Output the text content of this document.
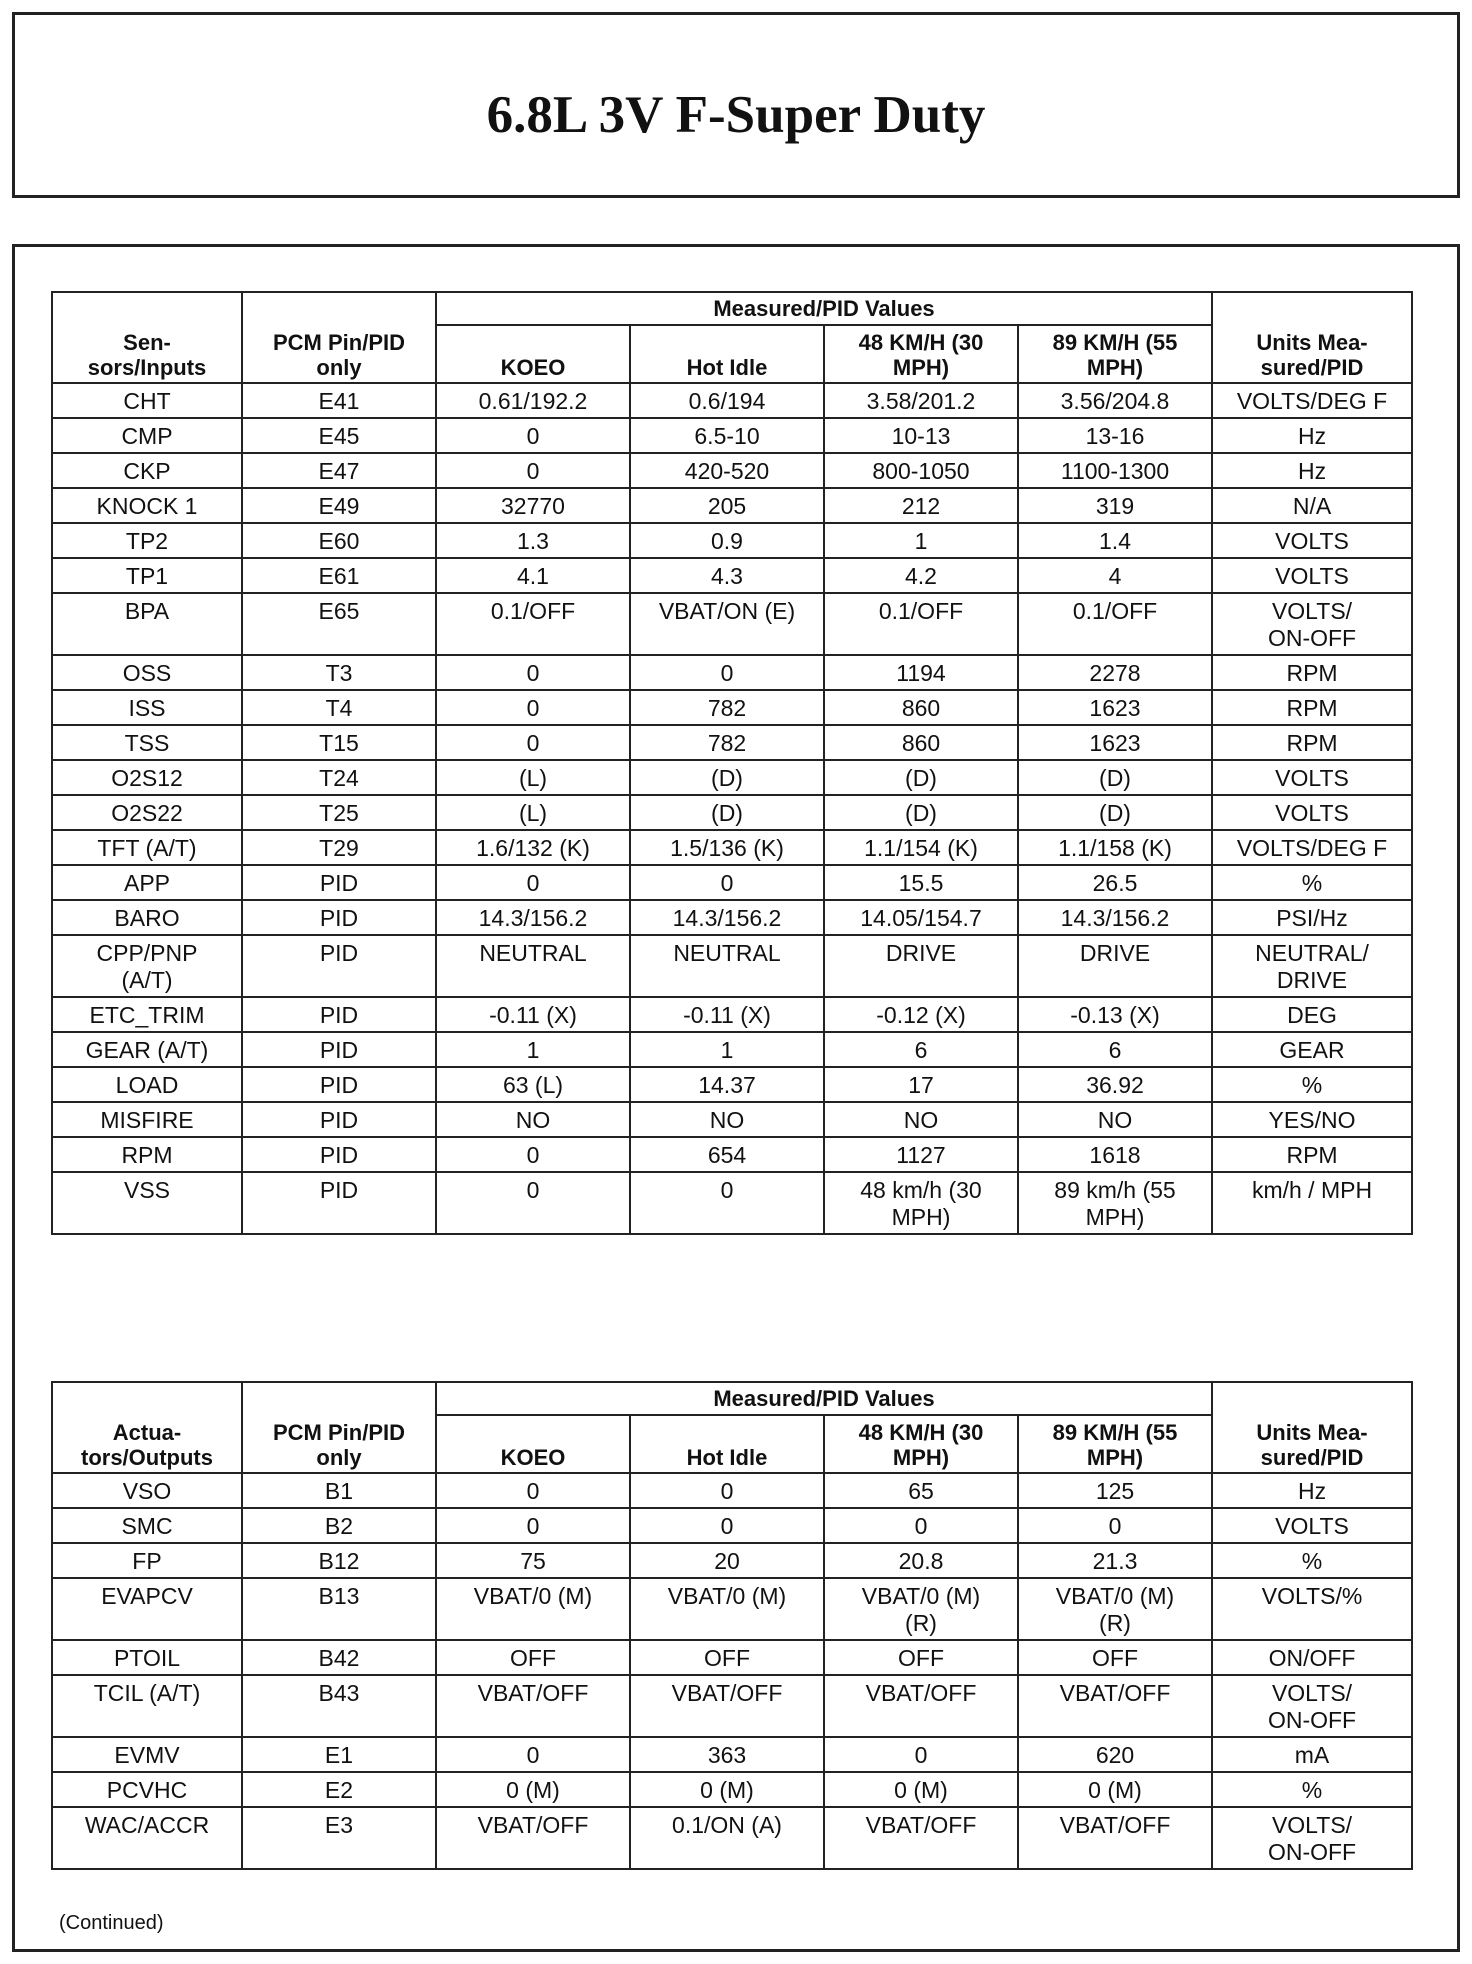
6.8L 3V F-Super Duty
Sen-
sors/Inputs	PCM Pin/PID
only	Measured/PID Values				Units Mea-
sured/PID
		KOEO	Hot Idle	48 KM/H (30
MPH)	89 KM/H (55
MPH)	
CHT	E41	0.61/192.2	0.6/194	3.58/201.2	3.56/204.8	VOLTS/DEG F
CMP	E45	0	6.5-10	10-13	13-16	Hz
CKP	E47	0	420-520	800-1050	1100-1300	Hz
KNOCK 1	E49	32770	205	212	319	N/A
TP2	E60	1.3	0.9	1	1.4	VOLTS
TP1	E61	4.1	4.3	4.2	4	VOLTS
BPA	E65	0.1/OFF	VBAT/ON (E)	0.1/OFF	0.1/OFF	VOLTS/
ON-OFF
OSS	T3	0	0	1194	2278	RPM
ISS	T4	0	782	860	1623	RPM
TSS	T15	0	782	860	1623	RPM
O2S12	T24	(L)	(D)	(D)	(D)	VOLTS
O2S22	T25	(L)	(D)	(D)	(D)	VOLTS
TFT (A/T)	T29	1.6/132 (K)	1.5/136 (K)	1.1/154 (K)	1.1/158 (K)	VOLTS/DEG F
APP	PID	0	0	15.5	26.5	%
BARO	PID	14.3/156.2	14.3/156.2	14.05/154.7	14.3/156.2	PSI/Hz
CPP/PNP
(A/T)	PID	NEUTRAL	NEUTRAL	DRIVE	DRIVE	NEUTRAL/
DRIVE
ETC_TRIM	PID	-0.11 (X)	-0.11 (X)	-0.12 (X)	-0.13 (X)	DEG
GEAR (A/T)	PID	1	1	6	6	GEAR
LOAD	PID	63 (L)	14.37	17	36.92	%
MISFIRE	PID	NO	NO	NO	NO	YES/NO
RPM	PID	0	654	1127	1618	RPM
VSS	PID	0	0	48 km/h (30
MPH)	89 km/h (55
MPH)	km/h / MPH
Actua-
tors/Outputs	PCM Pin/PID
only	Measured/PID Values				Units Mea-
sured/PID
		KOEO	Hot Idle	48 KM/H (30
MPH)	89 KM/H (55
MPH)	
VSO	B1	0	0	65	125	Hz
SMC	B2	0	0	0	0	VOLTS
FP	B12	75	20	20.8	21.3	%
EVAPCV	B13	VBAT/0 (M)	VBAT/0 (M)	VBAT/0 (M)
(R)	VBAT/0 (M)
(R)	VOLTS/%
PTOIL	B42	OFF	OFF	OFF	OFF	ON/OFF
TCIL (A/T)	B43	VBAT/OFF	VBAT/OFF	VBAT/OFF	VBAT/OFF	VOLTS/
ON-OFF
EVMV	E1	0	363	0	620	mA
PCVHC	E2	0 (M)	0 (M)	0 (M)	0 (M)	%
WAC/ACCR	E3	VBAT/OFF	0.1/ON (A)	VBAT/OFF	VBAT/OFF	VOLTS/
ON-OFF
(Continued)
